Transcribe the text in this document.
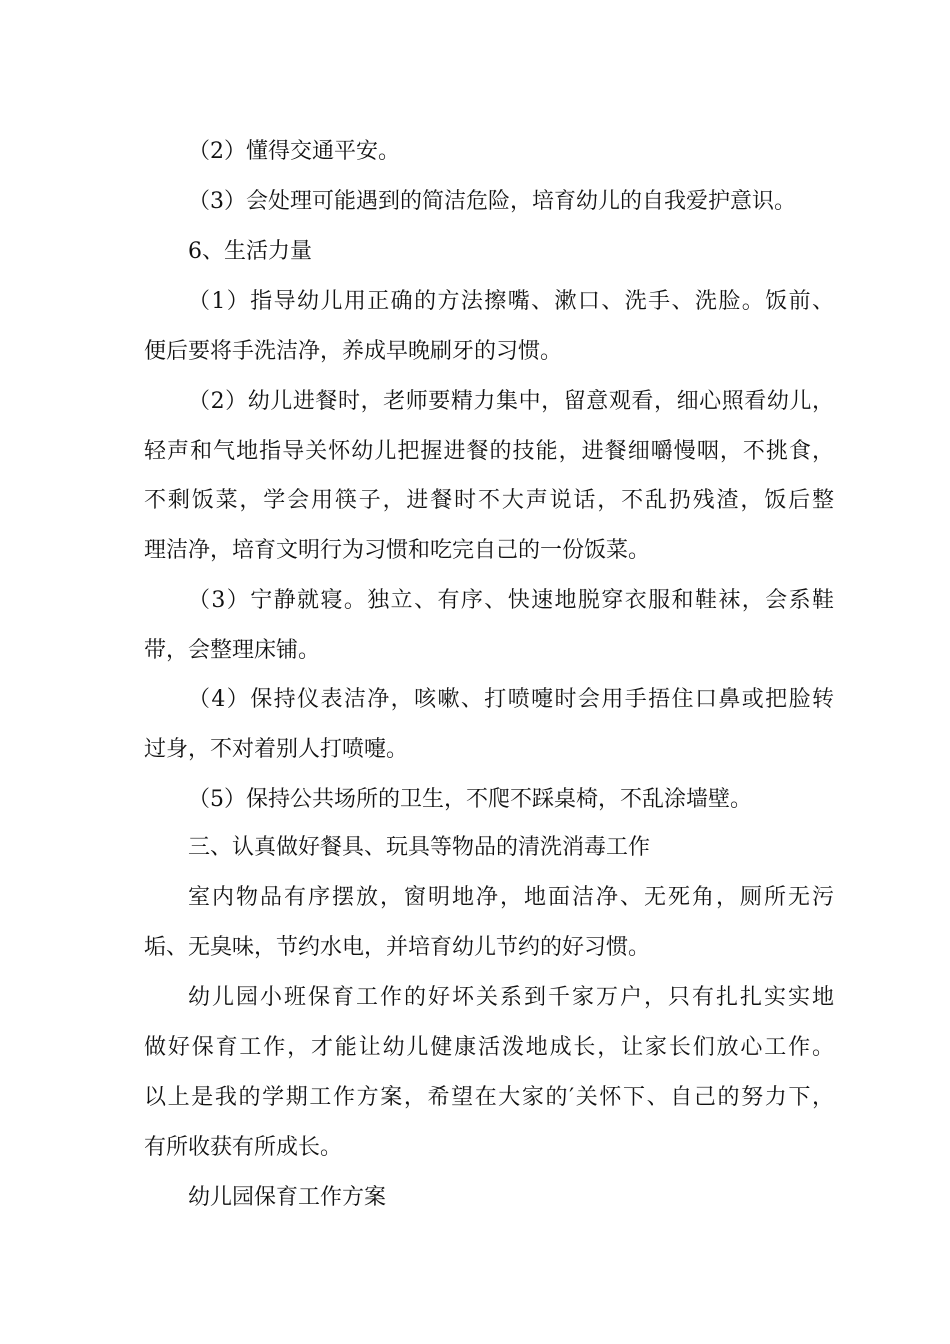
（2）懂得交通平安。
（3）会处理可能遇到的简洁危险，培育幼儿的自我爱护意识。
6、生活力量
（1）指导幼儿用正确的方法擦嘴、漱口、洗手、洗脸。饭前、
便后要将手洗洁净，养成早晚刷牙的习惯。
（2）幼儿进餐时，老师要精力集中，留意观看，细心照看幼儿，
轻声和气地指导关怀幼儿把握进餐的技能，进餐细嚼慢咽，不挑食，
不剩饭菜，学会用筷子，进餐时不大声说话，不乱扔残渣，饭后整
理洁净，培育文明行为习惯和吃完自己的一份饭菜。
（3）宁静就寝。独立、有序、快速地脱穿衣服和鞋袜，会系鞋
带，会整理床铺。
（4）保持仪表洁净，咳嗽、打喷嚏时会用手捂住口鼻或把脸转
过身，不对着别人打喷嚏。
（5）保持公共场所的卫生，不爬不踩桌椅，不乱涂墙壁。
三、认真做好餐具、玩具等物品的清洗消毒工作
室内物品有序摆放，窗明地净，地面洁净、无死角，厕所无污
垢、无臭味，节约水电，并培育幼儿节约的好习惯。
幼儿园小班保育工作的好坏关系到千家万户，只有扎扎实实地
做好保育工作，才能让幼儿健康活泼地成长，让家长们放心工作。
以上是我的学期工作方案，希望在大家的′关怀下、自己的努力下，
有所收获有所成长。
幼儿园保育工作方案
